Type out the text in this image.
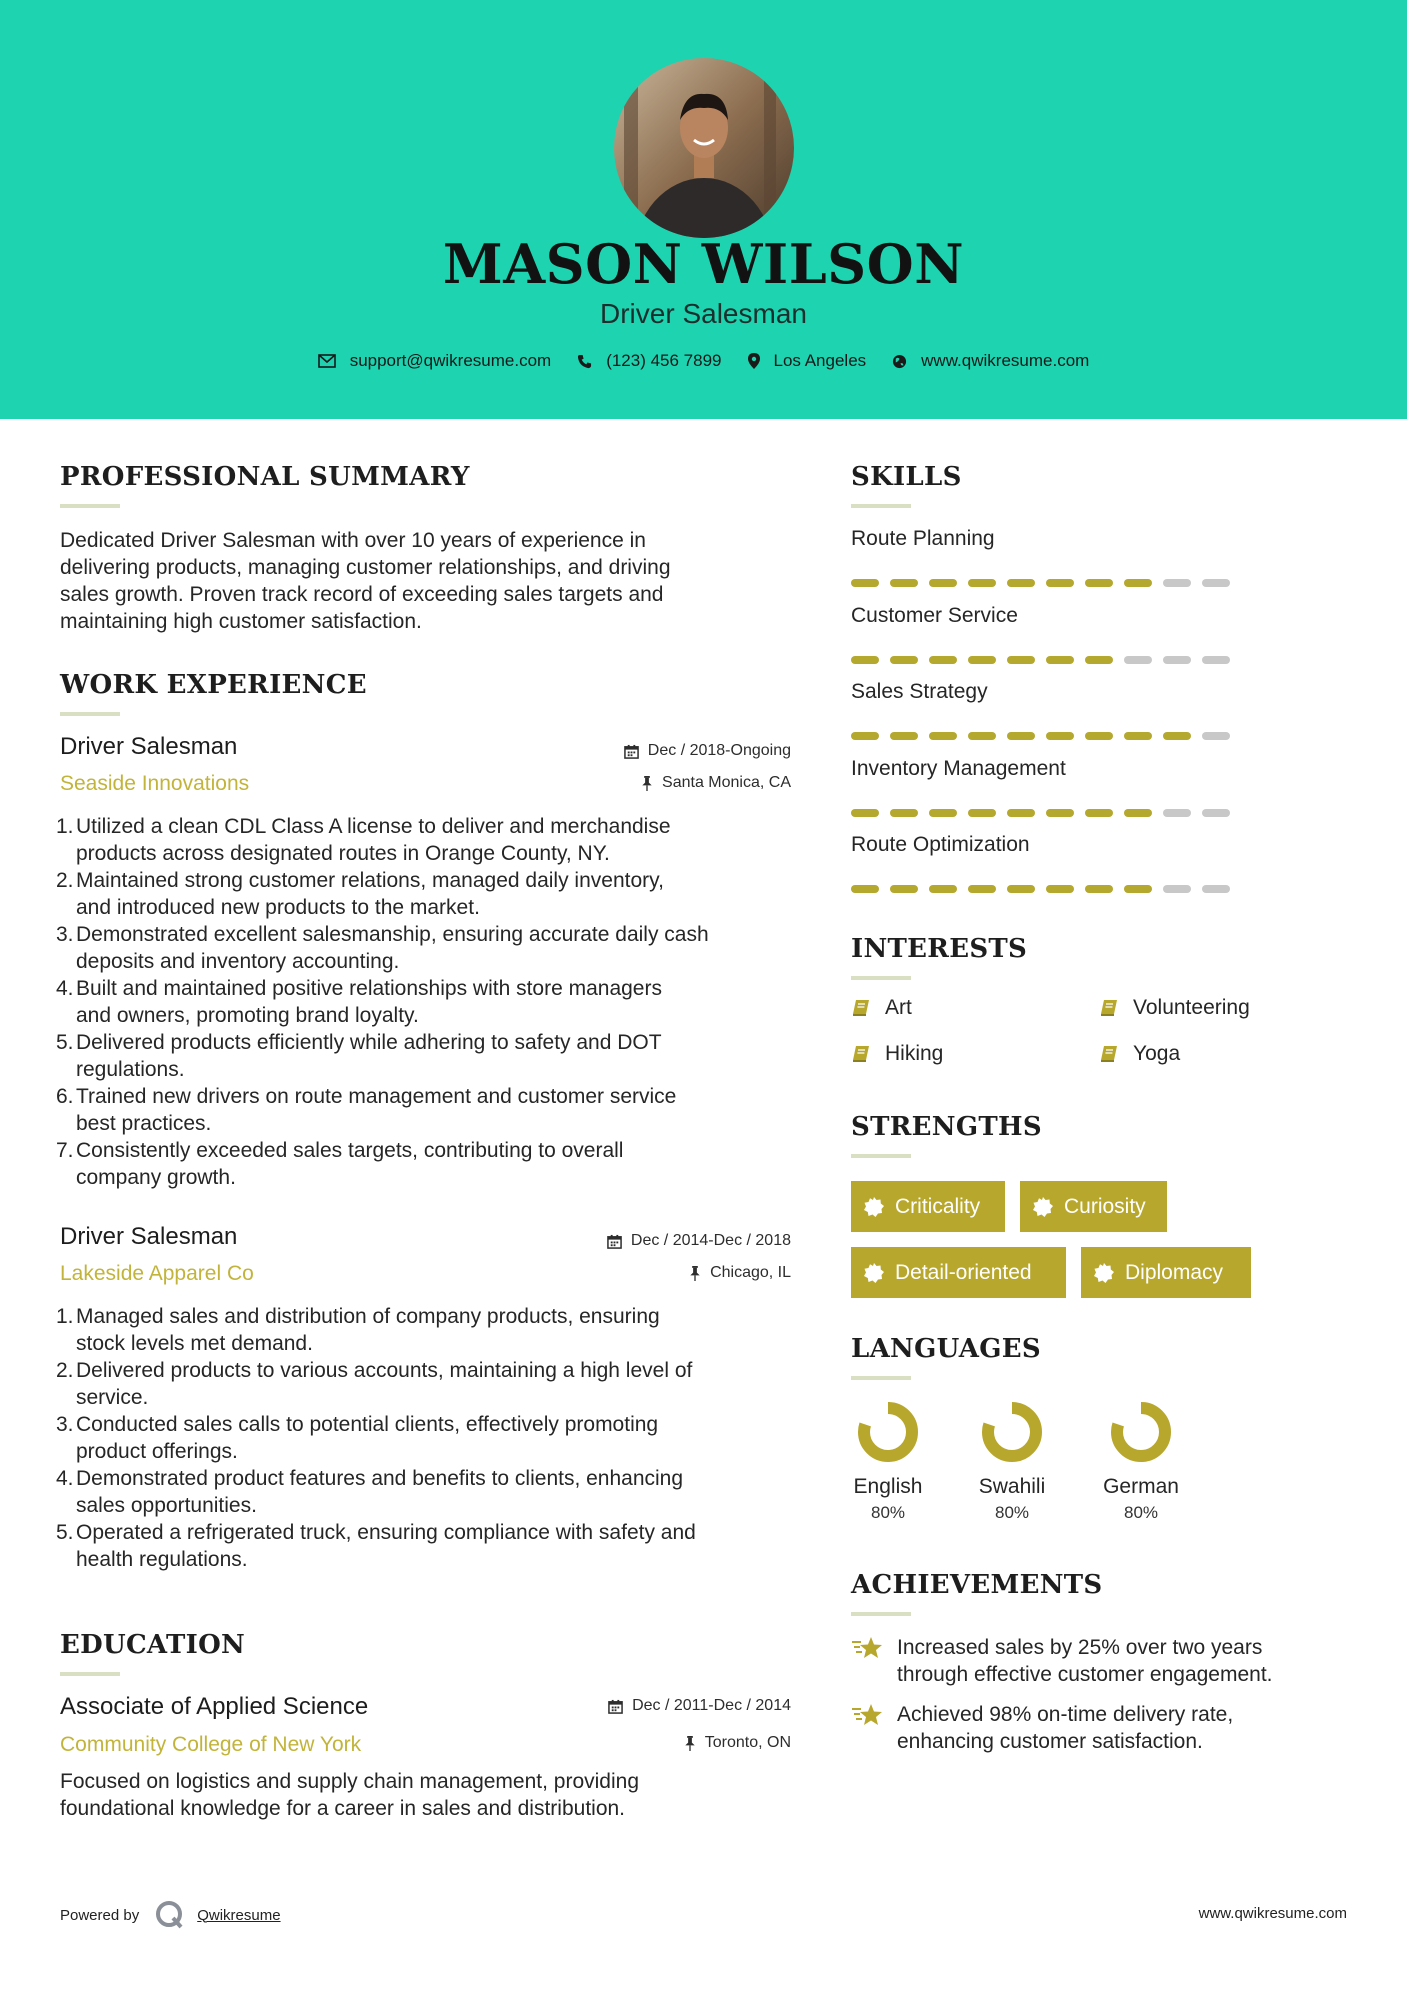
MASON WILSON
Driver Salesman
support@qwikresume.com	(123) 456 7899	Los Angeles	www.qwikresume.com
PROFESSIONAL SUMMARY
Dedicated Driver Salesman with over 10 years of experience in
delivering products, managing customer relationships, and driving
sales growth. Proven track record of exceeding sales targets and
maintaining high customer satisfaction.
WORK EXPERIENCE
Driver Salesman
Seaside Innovations
Dec / 2018-Ongoing
Santa Monica, CA
1. Utilized a clean CDL Class A license to deliver and merchandise
products across designated routes in Orange County, NY.
2. Maintained strong customer relations, managed daily inventory,
and introduced new products to the market.
3. Demonstrated excellent salesmanship, ensuring accurate daily cash
deposits and inventory accounting.
4. Built and maintained positive relationships with store managers
and owners, promoting brand loyalty.
5. Delivered products efficiently while adhering to safety and DOT
regulations.
6. Trained new drivers on route management and customer service
best practices.
7. Consistently exceeded sales targets, contributing to overall
company growth.
Driver Salesman
Lakeside Apparel Co
Dec / 2014-Dec / 2018
Chicago, IL
1. Managed sales and distribution of company products, ensuring
stock levels met demand.
2. Delivered products to various accounts, maintaining a high level of
service.
3. Conducted sales calls to potential clients, effectively promoting
product offerings.
4. Demonstrated product features and benefits to clients, enhancing
sales opportunities.
5. Operated a refrigerated truck, ensuring compliance with safety and
health regulations.
EDUCATION
Associate of Applied Science
Community College of New York
Dec / 2011-Dec / 2014
Toronto, ON
Focused on logistics and supply chain management, providing
foundational knowledge for a career in sales and distribution.
SKILLS
Route Planning
Customer Service
Sales Strategy
Inventory Management
Route Optimization
INTERESTS
Art	Volunteering
Hiking	Yoga
STRENGTHS
Criticality	Curiosity
Detail-oriented	Diplomacy
LANGUAGES
English
80%
Swahili
80%
German
80%
ACHIEVEMENTS
Increased sales by 25% over two years
through effective customer engagement.
Achieved 98% on-time delivery rate,
enhancing customer satisfaction.
Powered by	Qwikresume	www.qwikresume.com
